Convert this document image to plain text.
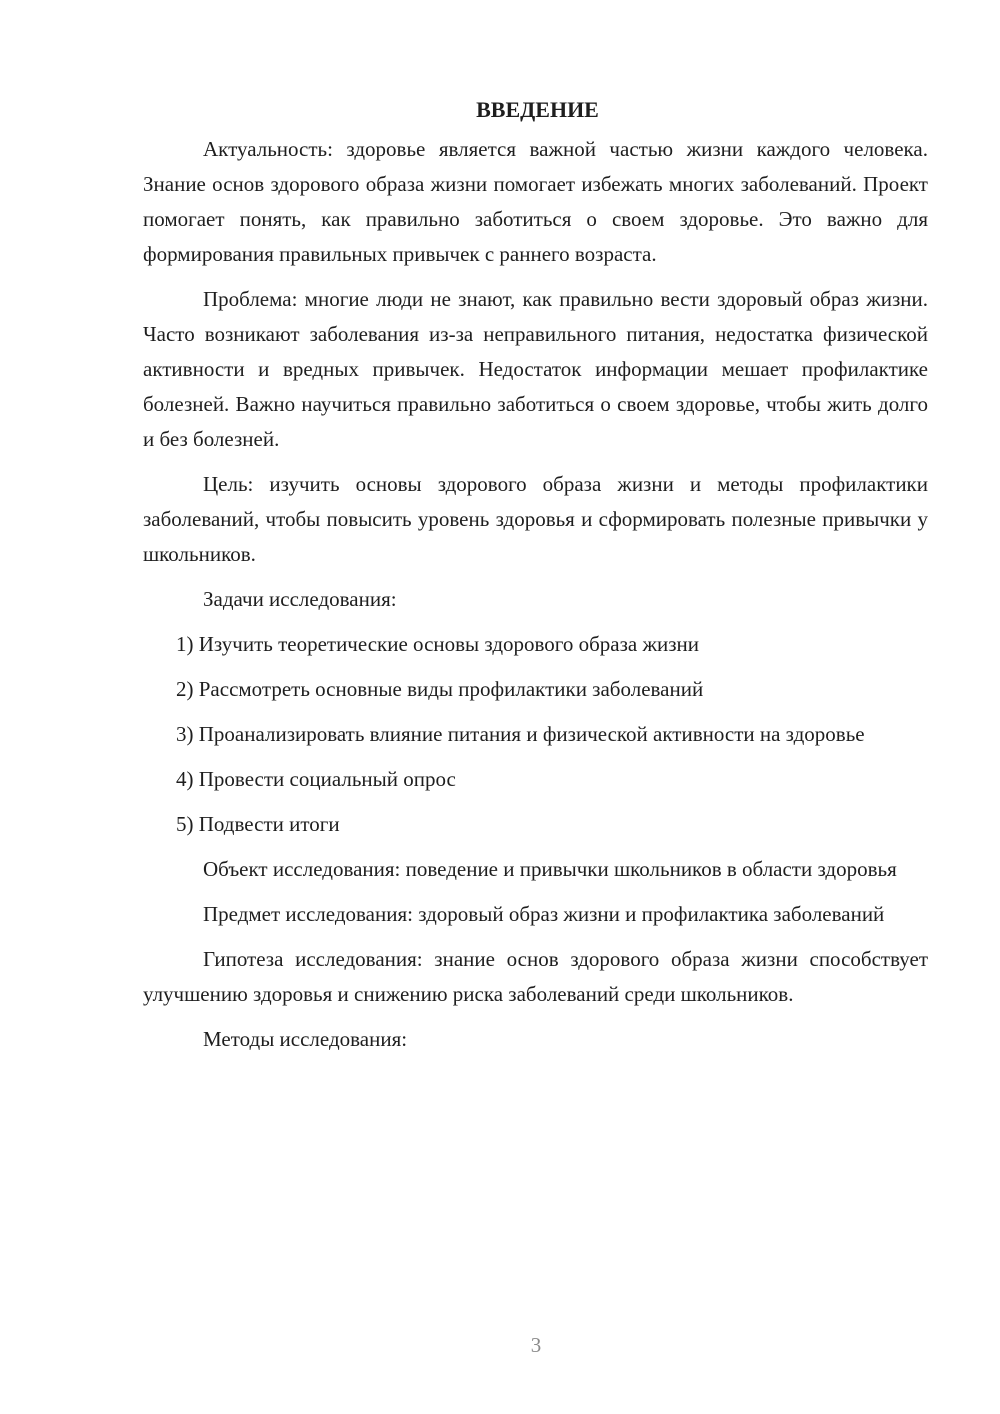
ВВЕДЕНИЕ

Актуальность: здоровье является важной частью жизни каждого человека. Знание основ здорового образа жизни помогает избежать многих заболеваний. Проект помогает понять, как правильно заботиться о своем здоровье. Это важно для формирования правильных привычек с раннего возраста.

Проблема: многие люди не знают, как правильно вести здоровый образ жизни. Часто возникают заболевания из-за неправильного питания, недостатка физической активности и вредных привычек. Недостаток информации мешает профилактике болезней. Важно научиться правильно заботиться о своем здоровье, чтобы жить долго и без болезней.

Цель: изучить основы здорового образа жизни и методы профилактики заболеваний, чтобы повысить уровень здоровья и сформировать полезные привычки у школьников.

Задачи исследования:

1) Изучить теоретические основы здорового образа жизни

2) Рассмотреть основные виды профилактики заболеваний

3) Проанализировать влияние питания и физической активности на здоровье

4) Провести социальный опрос

5) Подвести итоги

Объект исследования: поведение и привычки школьников в области здоровья

Предмет исследования: здоровый образ жизни и профилактика заболеваний

Гипотеза исследования: знание основ здорового образа жизни способствует улучшению здоровья и снижению риска заболеваний среди школьников.

Методы исследования:

3
